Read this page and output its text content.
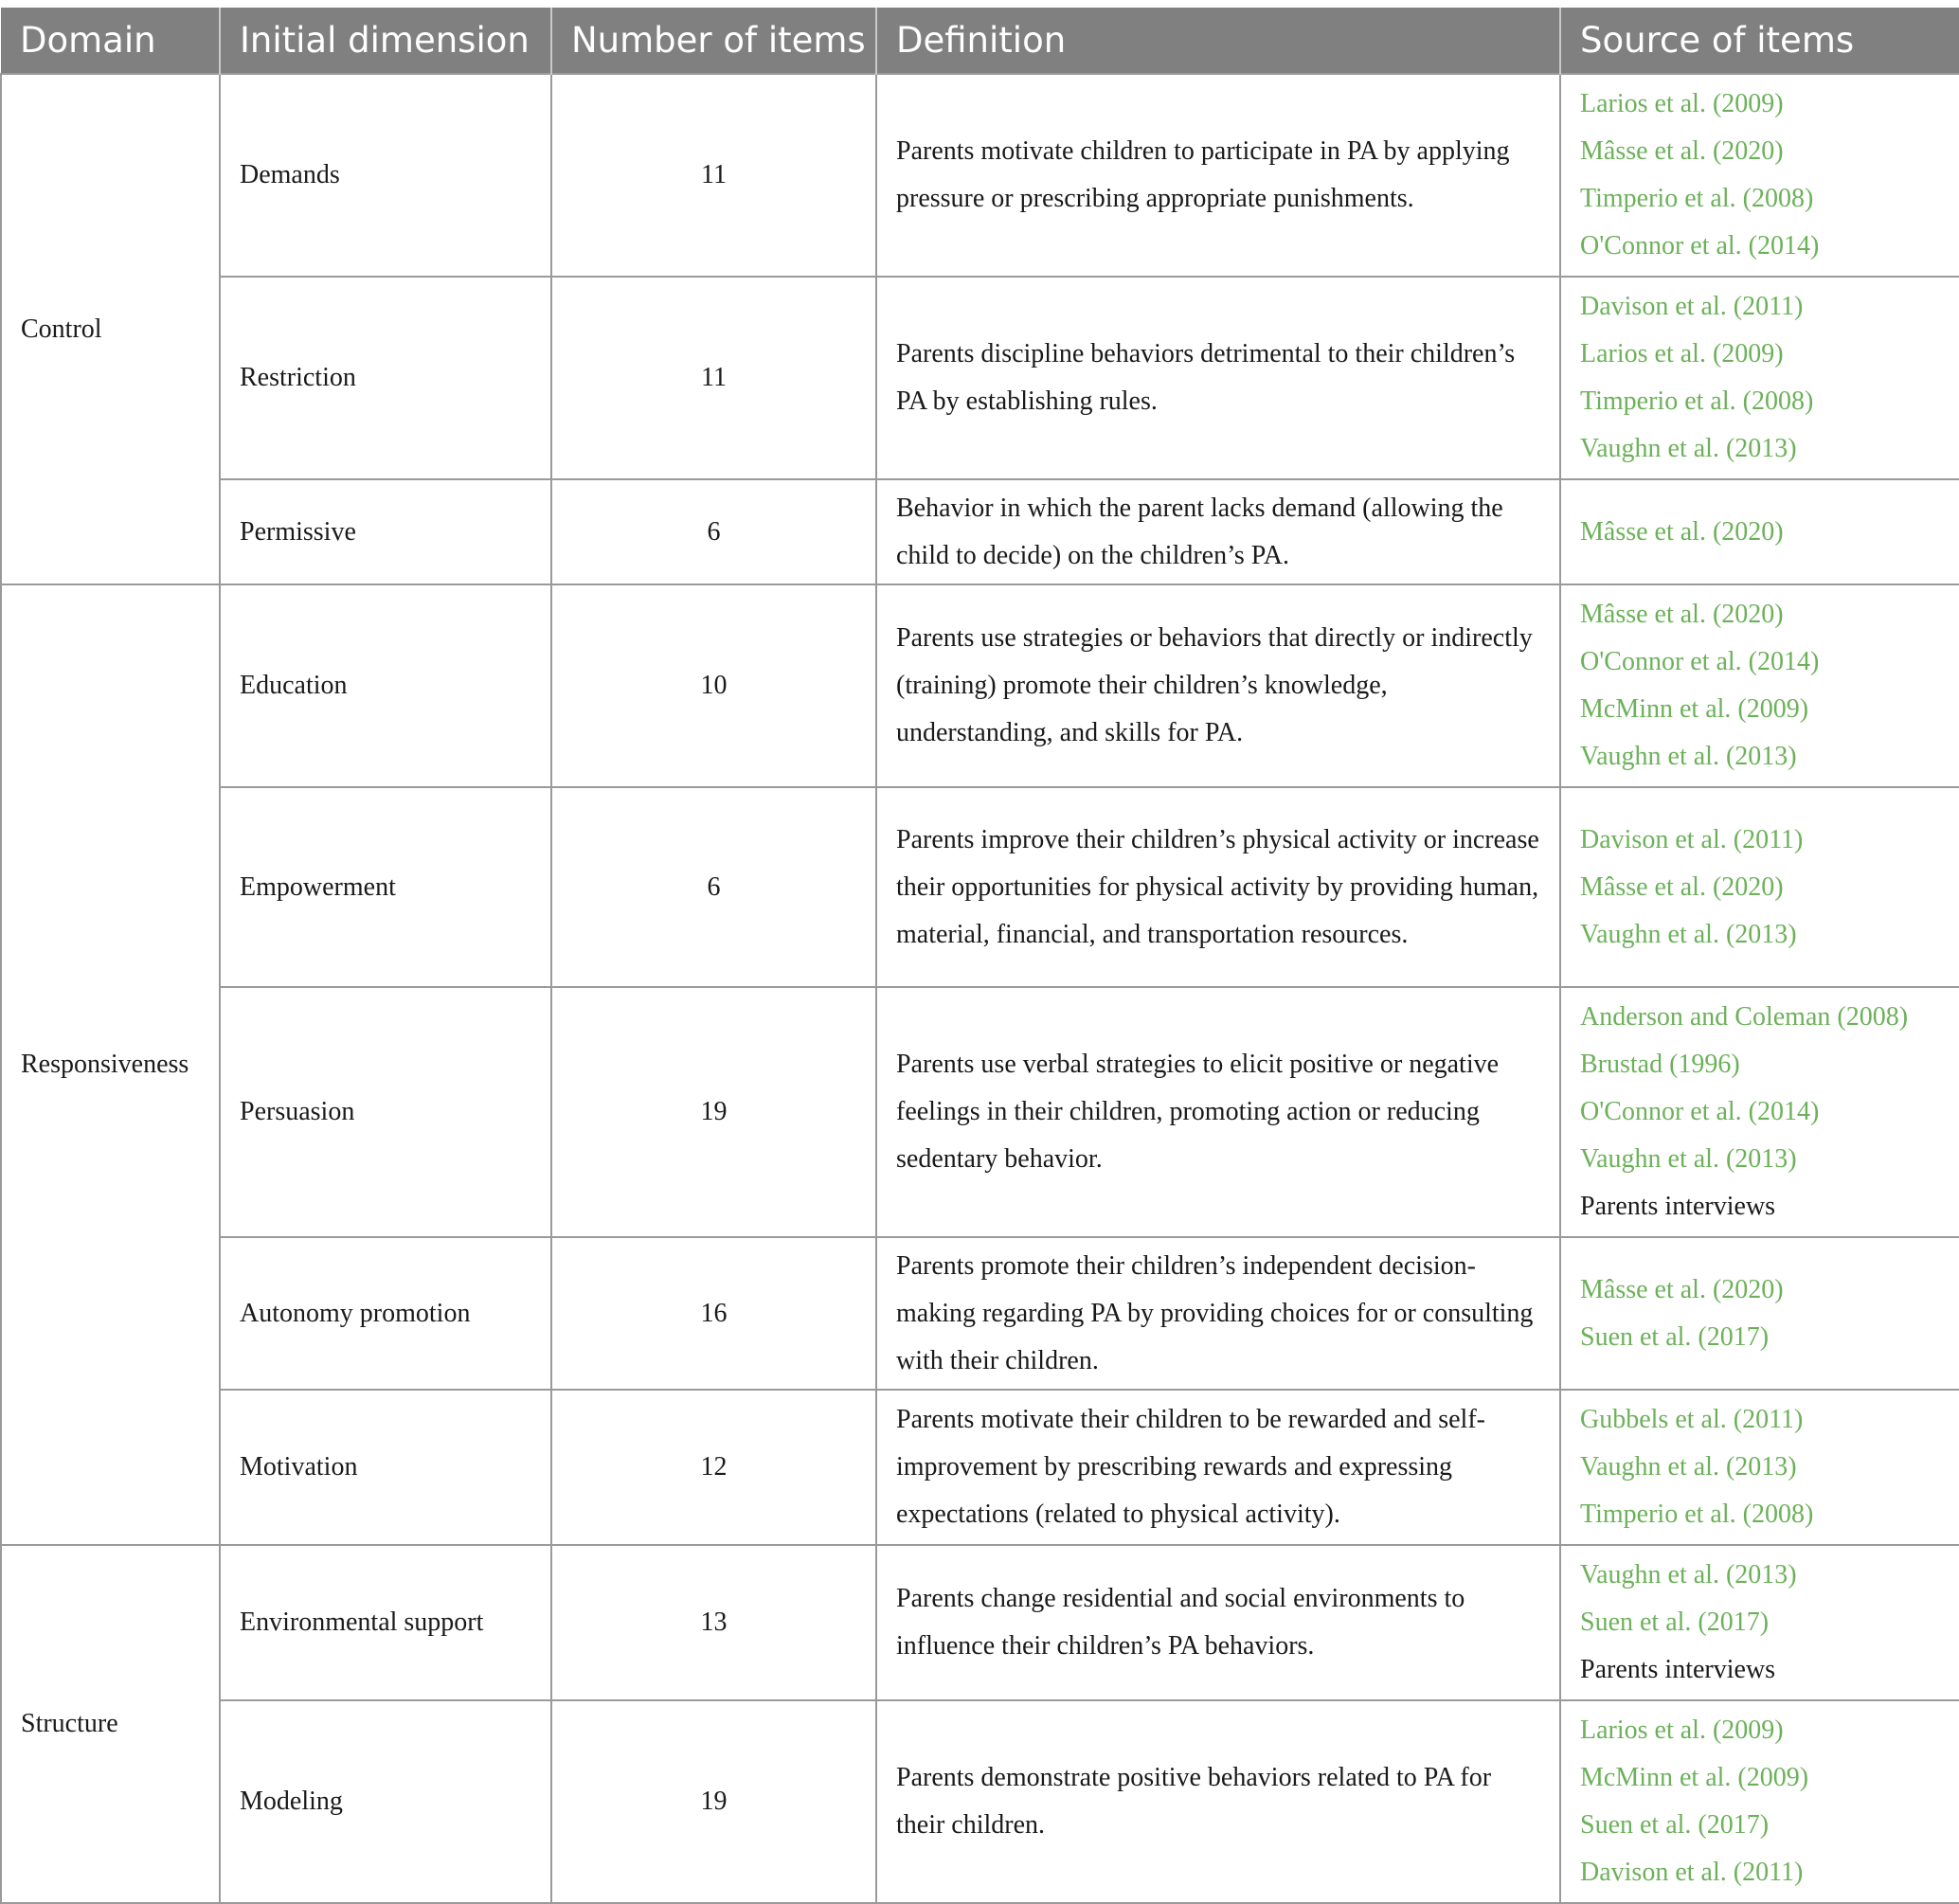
Domain	Initial dimension	Number of items	Definition	Source of items
Control	Demands	11	Parents motivate children to participate in PA by applying pressure or prescribing appropriate punishments.	Larios et al. (2009)
Mâsse et al. (2020)
Timperio et al. (2008)
O'Connor et al. (2014)

	Restriction	11	Parents discipline behaviors detrimental to their children’s PA by establishing rules.	Davison et al. (2011)
Larios et al. (2009)
Timperio et al. (2008)
Vaughn et al. (2013)

	Permissive	6	Behavior in which the parent lacks demand (allowing the child to decide) on the children’s PA.	Mâsse et al. (2020)

Responsiveness	Education	10	Parents use strategies or behaviors that directly or indirectly (training) promote their children’s knowledge, understanding, and skills for PA.	Mâsse et al. (2020)
O'Connor et al. (2014)
McMinn et al. (2009)
Vaughn et al. (2013)

	Empowerment	6	Parents improve their children’s physical activity or increase their opportunities for physical activity by providing human, material, financial, and transportation resources.	Davison et al. (2011)
Mâsse et al. (2020)
Vaughn et al. (2013)

	Persuasion	19	Parents use verbal strategies to elicit positive or negative feelings in their children, promoting action or reducing sedentary behavior.	Anderson and Coleman (2008)
Brustad (1996)
O'Connor et al. (2014)
Vaughn et al. (2013)
Parents interviews

	Autonomy promotion	16	Parents promote their children’s independent decision-making regarding PA by providing choices for or consulting with their children.	Mâsse et al. (2020)
Suen et al. (2017)

	Motivation	12	Parents motivate their children to be rewarded and self-improvement by prescribing rewards and expressing expectations (related to physical activity).	Gubbels et al. (2011)
Vaughn et al. (2013)
Timperio et al. (2008)

Structure	Environmental support	13	Parents change residential and social environments to influence their children’s PA behaviors.	Vaughn et al. (2013)
Suen et al. (2017)
Parents interviews

	Modeling	19	Parents demonstrate positive behaviors related to PA for their children.	Larios et al. (2009)
McMinn et al. (2009)
Suen et al. (2017)
Davison et al. (2011)
